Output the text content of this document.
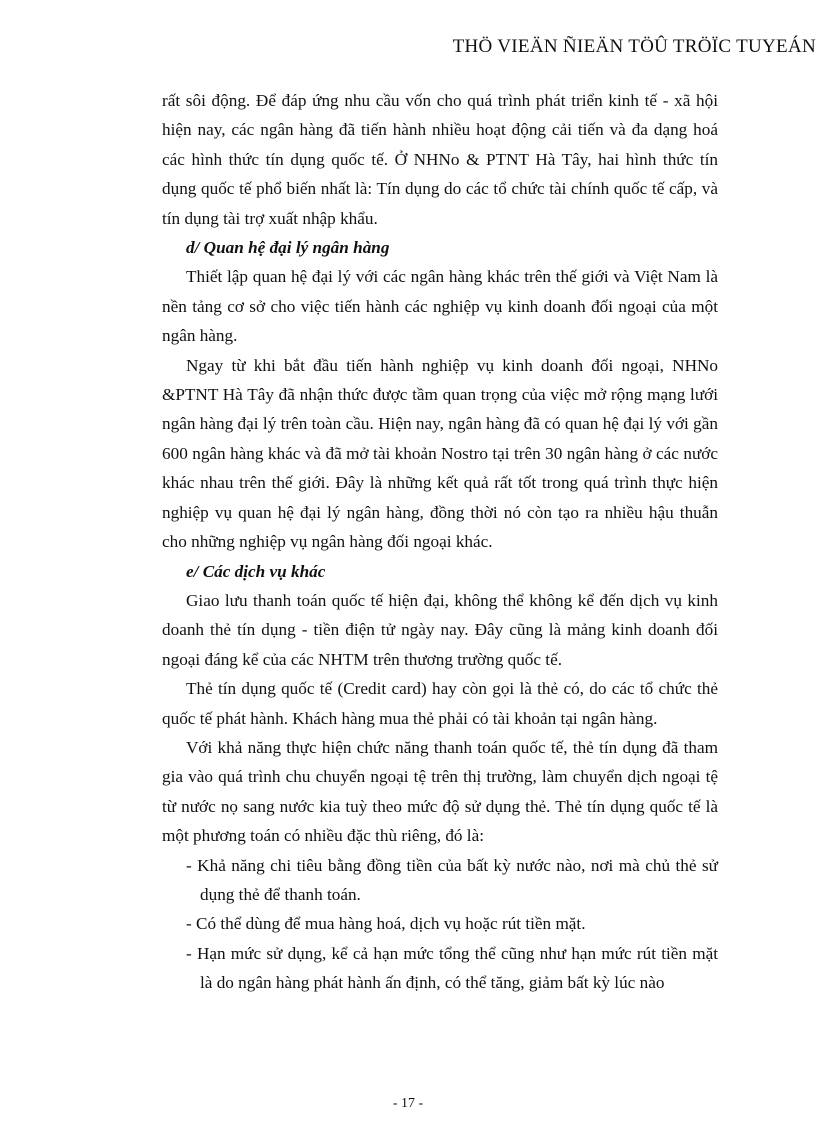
THÖ VIEÄN ÑIEÄN TÖÛ TRÖÏC TUYEÁN

rất sôi động. Để đáp ứng nhu cầu vốn cho quá trình phát triển kinh tế - xã hội hiện nay, các ngân hàng đã tiến hành nhiều hoạt động cải tiến và đa dạng hoá các hình thức tín dụng quốc tế. Ở NHNo & PTNT Hà Tây, hai hình thức tín dụng quốc tế phổ biến nhất là: Tín dụng do các tổ chức tài chính quốc tế cấp, và tín dụng tài trợ xuất nhập khẩu.

d/ Quan hệ đại lý ngân hàng

Thiết lập quan hệ đại lý với các ngân hàng khác trên thế giới và Việt Nam là nền tảng cơ sở cho việc tiến hành các nghiệp vụ kinh doanh đối ngoại của một ngân hàng.

Ngay từ khi bắt đầu tiến hành nghiệp vụ kinh doanh đối ngoại, NHNo &PTNT Hà Tây đã nhận thức được tầm quan trọng của việc mở rộng mạng lưới ngân hàng đại lý trên toàn cầu. Hiện nay, ngân hàng đã có quan hệ đại lý với gần 600 ngân hàng khác và đã mở tài khoản Nostro tại trên 30 ngân hàng ở các nước khác nhau trên thế giới. Đây là những kết quả rất tốt trong quá trình thực hiện nghiệp vụ quan hệ đại lý ngân hàng, đồng thời nó còn tạo ra nhiều hậu thuẫn cho những nghiệp vụ ngân hàng đối ngoại khác.

e/ Các dịch vụ khác

Giao lưu thanh toán quốc tế hiện đại, không thể không kể đến dịch vụ kinh doanh thẻ tín dụng - tiền điện tử ngày nay. Đây cũng là mảng kinh doanh đối ngoại đáng kể của các NHTM trên thương trường quốc tế.

Thẻ tín dụng quốc tế (Credit card) hay còn gọi là thẻ có, do các tổ chức thẻ quốc tế phát hành. Khách hàng mua thẻ phải có tài khoản tại ngân hàng.

Với khả năng thực hiện chức năng thanh toán quốc tế, thẻ tín dụng đã tham gia vào quá trình chu chuyển ngoại tệ trên thị trường, làm chuyển dịch ngoại tệ từ nước nọ sang nước kia tuỳ theo mức độ sử dụng thẻ. Thẻ tín dụng quốc tế là một phương toán có nhiều đặc thù riêng, đó là:

- Khả năng chi tiêu bằng đồng tiền của bất kỳ nước nào, nơi mà chủ thẻ sử dụng thẻ để thanh toán.

- Có thể dùng để mua hàng hoá, dịch vụ hoặc rút tiền mặt.

- Hạn mức sử dụng, kể cả hạn mức tổng thể cũng như hạn mức rút tiền mặt là do ngân hàng phát hành ấn định, có thể tăng, giảm bất kỳ lúc nào

- 17 -
